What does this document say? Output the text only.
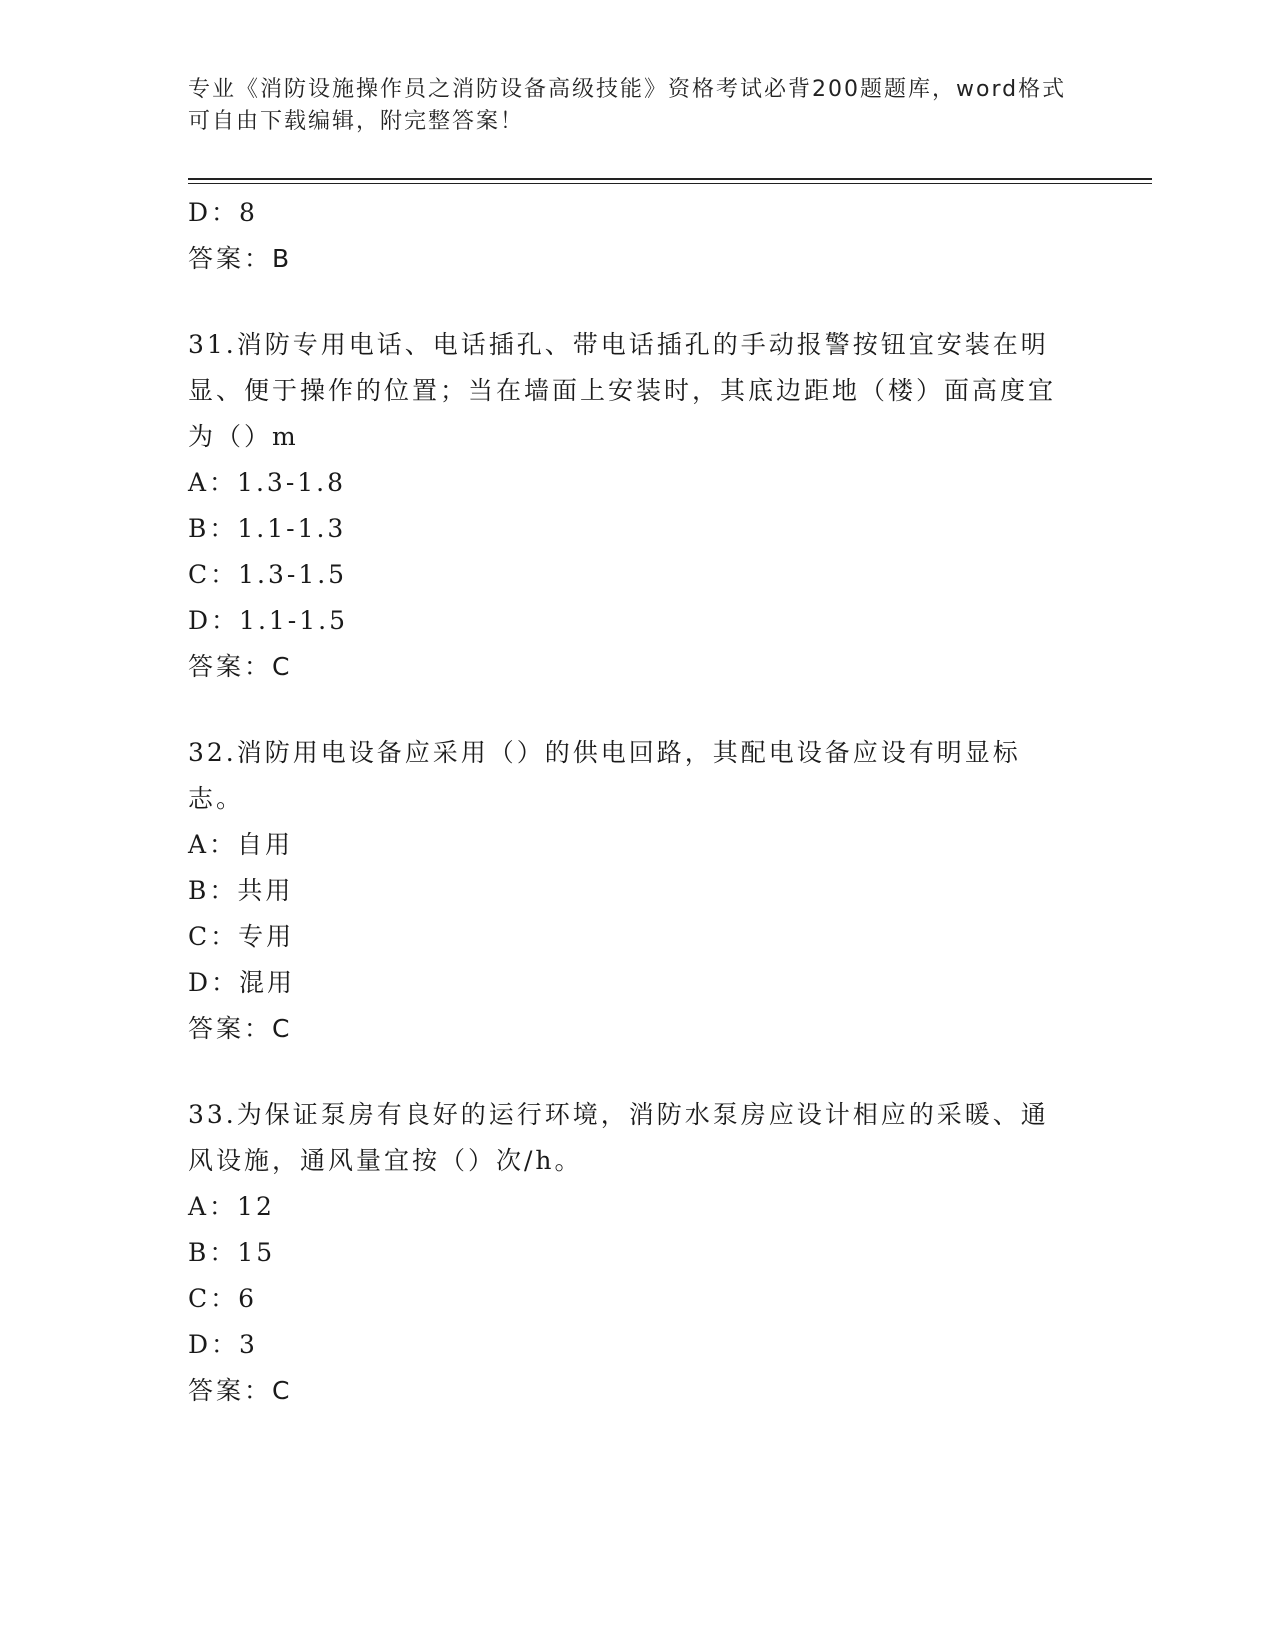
专业《消防设施操作员之消防设备高级技能》资格考试必背200题题库，word格式可自由下载编辑，附完整答案！
D：8
答案：B
31.消防专用电话、电话插孔、带电话插孔的手动报警按钮宜安装在明显、便于操作的位置；当在墙面上安装时，其底边距地（楼）面高度宜为（）m
A：1.3-1.8
B：1.1-1.3
C：1.3-1.5
D：1.1-1.5
答案：C
32.消防用电设备应采用（）的供电回路，其配电设备应设有明显标志。
A：自用
B：共用
C：专用
D：混用
答案：C
33.为保证泵房有良好的运行环境，消防水泵房应设计相应的采暖、通风设施，通风量宜按（）次/h。
A：12
B：15
C：6
D：3
答案：C
